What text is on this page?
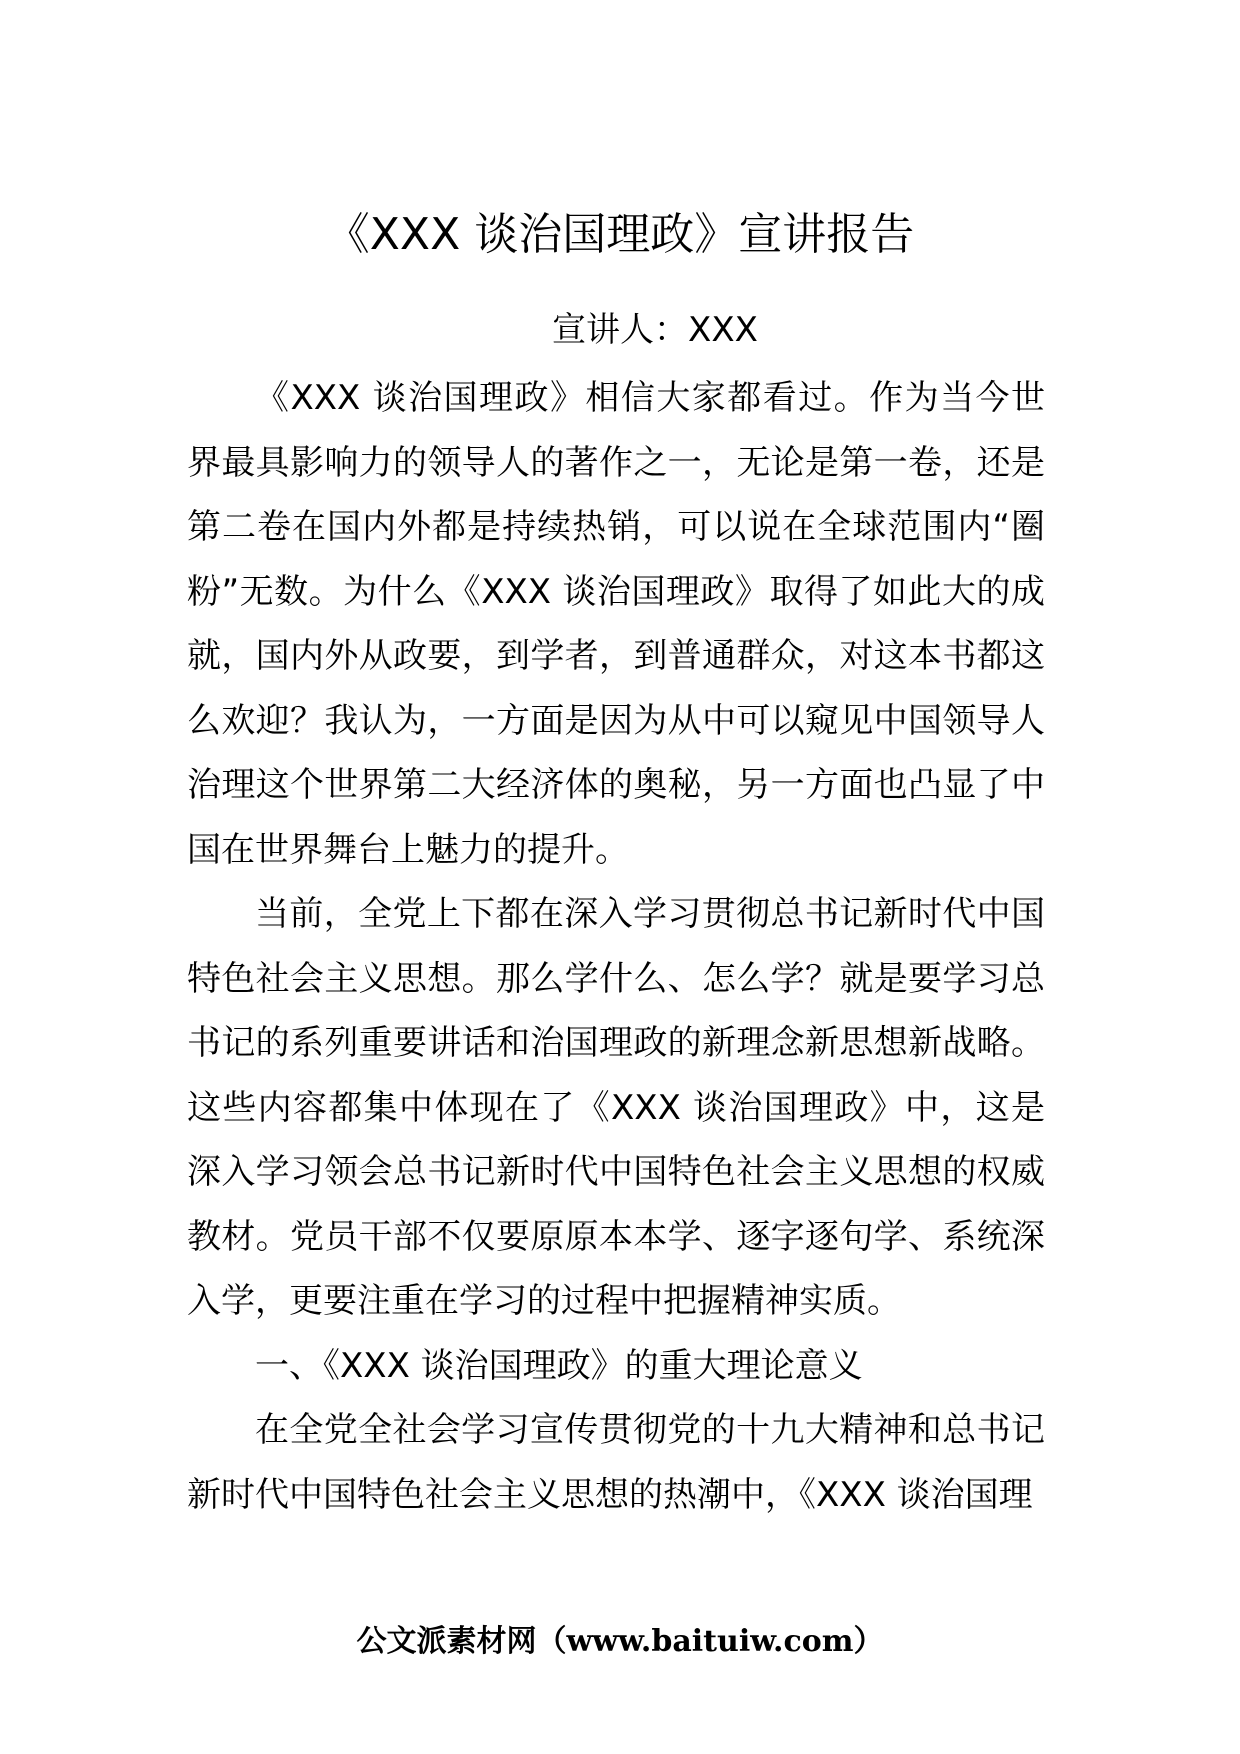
《XXX 谈治国理政》宣讲报告
宣讲人：XXX

《XXX 谈治国理政》相信大家都看过。作为当今世界最具影响力的领导人的著作之一，无论是第一卷，还是第二卷在国内外都是持续热销，可以说在全球范围内“圈粉”无数。为什么《XXX 谈治国理政》取得了如此大的成就，国内外从政要，到学者，到普通群众，对这本书都这么欢迎？我认为，一方面是因为从中可以窥见中国领导人治理这个世界第二大经济体的奥秘，另一方面也凸显了中国在世界舞台上魅力的提升。

当前，全党上下都在深入学习贯彻总书记新时代中国特色社会主义思想。那么学什么、怎么学？就是要学习总书记的系列重要讲话和治国理政的新理念新思想新战略。这些内容都集中体现在了《XXX 谈治国理政》中，这是深入学习领会总书记新时代中国特色社会主义思想的权威教材。党员干部不仅要原原本本学、逐字逐句学、系统深入学，更要注重在学习的过程中把握精神实质。

一、《XXX 谈治国理政》的重大理论意义

在全党全社会学习宣传贯彻党的十九大精神和总书记新时代中国特色社会主义思想的热潮中，《XXX 谈治国理

公文派素材网（www.baituiw.com）
